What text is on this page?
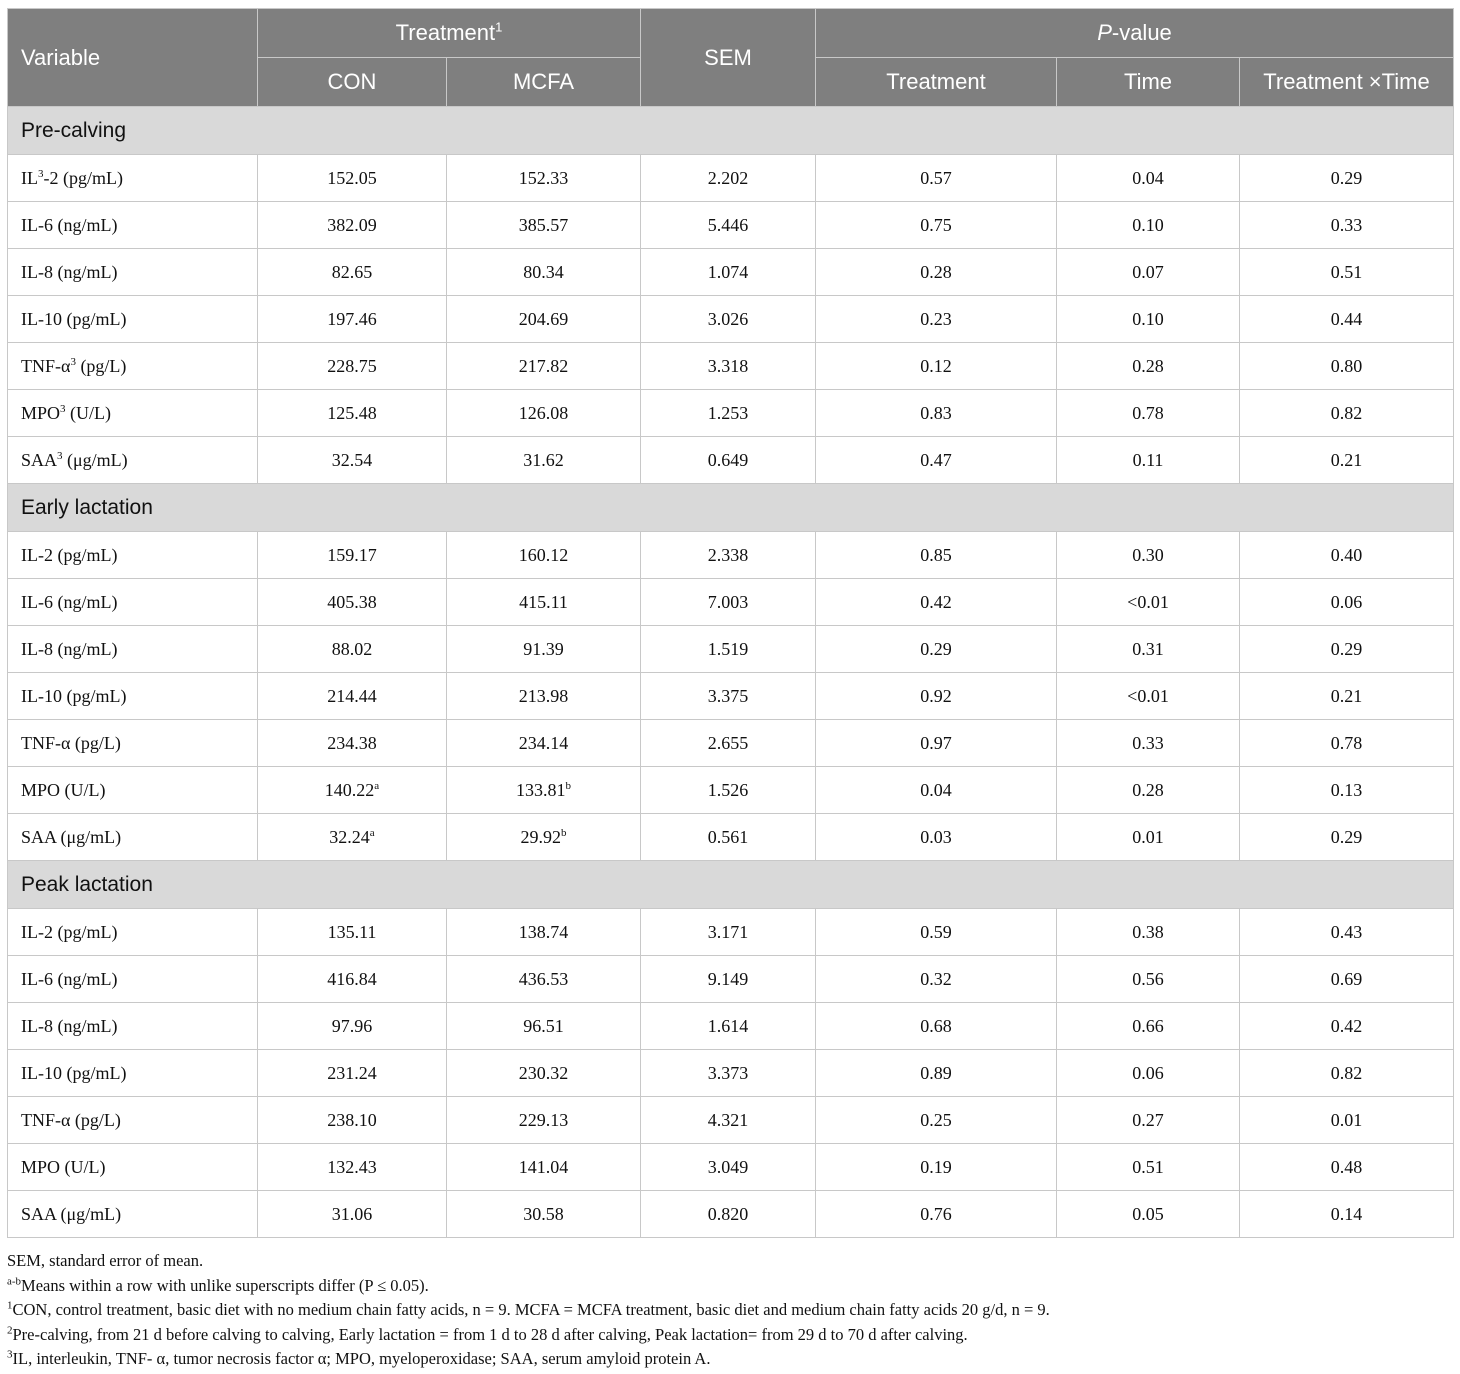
Variable	Treatment$^1$		SEM	P-value		
	CON	MCFA		Treatment	Time	Treatment ×Time
Pre-calving						
$IL^3-2$ (pg/mL)	152.05	152.33	2.202	0.57	0.04	0.29
IL-6 (ng/mL)	382.09	385.57	5.446	0.75	0.10	0.33
IL-8 (ng/mL)	82.65	80.34	1.074	0.28	0.07	0.51
IL-10 (pg/mL)	197.46	204.69	3.026	0.23	0.10	0.44
TNF-$\alpha^3$ (pg/L)	228.75	217.82	3.318	0.12	0.28	0.80
MPO$^3$ (U/L)	125.48	126.08	1.253	0.83	0.78	0.82
SAA$^3$ (μg/mL)	32.54	31.62	0.649	0.47	0.11	0.21
Early lactation						
IL-2 (pg/mL)	159.17	160.12	2.338	0.85	0.30	0.40
IL-6 (ng/mL)	405.38	415.11	7.003	0.42	<0.01	0.06
IL-8 (ng/mL)	88.02	91.39	1.519	0.29	0.31	0.29
IL-10 (pg/mL)	214.44	213.98	3.375	0.92	<0.01	0.21
TNF-α (pg/L)	234.38	234.14	2.655	0.97	0.33	0.78
MPO (U/L)	140.22$^a$	133.81$^b$	1.526	0.04	0.28	0.13
SAA (μg/mL)	32.24$^a$	29.92$^b$	0.561	0.03	0.01	0.29
Peak lactation						
IL-2 (pg/mL)	135.11	138.74	3.171	0.59	0.38	0.43
IL-6 (ng/mL)	416.84	436.53	9.149	0.32	0.56	0.69
IL-8 (ng/mL)	97.96	96.51	1.614	0.68	0.66	0.42
IL-10 (pg/mL)	231.24	230.32	3.373	0.89	0.06	0.82
TNF-α (pg/L)	238.10	229.13	4.321	0.25	0.27	0.01
MPO (U/L)	132.43	141.04	3.049	0.19	0.51	0.48
SAA (μg/mL)	31.06	30.58	0.820	0.76	0.05	0.14
SEM, standard error of mean.
$^{a-b}$Means within a row with unlike superscripts differ (P ≤ 0.05).
$^1$CON, control treatment, basic diet with no medium chain fatty acids, n = 9. MCFA = MCFA treatment, basic diet and medium chain fatty acids 20 g/d, n = 9.
$^2$Pre-calving, from 21 d before calving to calving, Early lactation = from 1 d to 28 d after calving, Peak lactation= from 29 d to 70 d after calving.
$^3$IL, interleukin, TNF- α, tumor necrosis factor α; MPO, myeloperoxidase; SAA, serum amyloid protein A.
